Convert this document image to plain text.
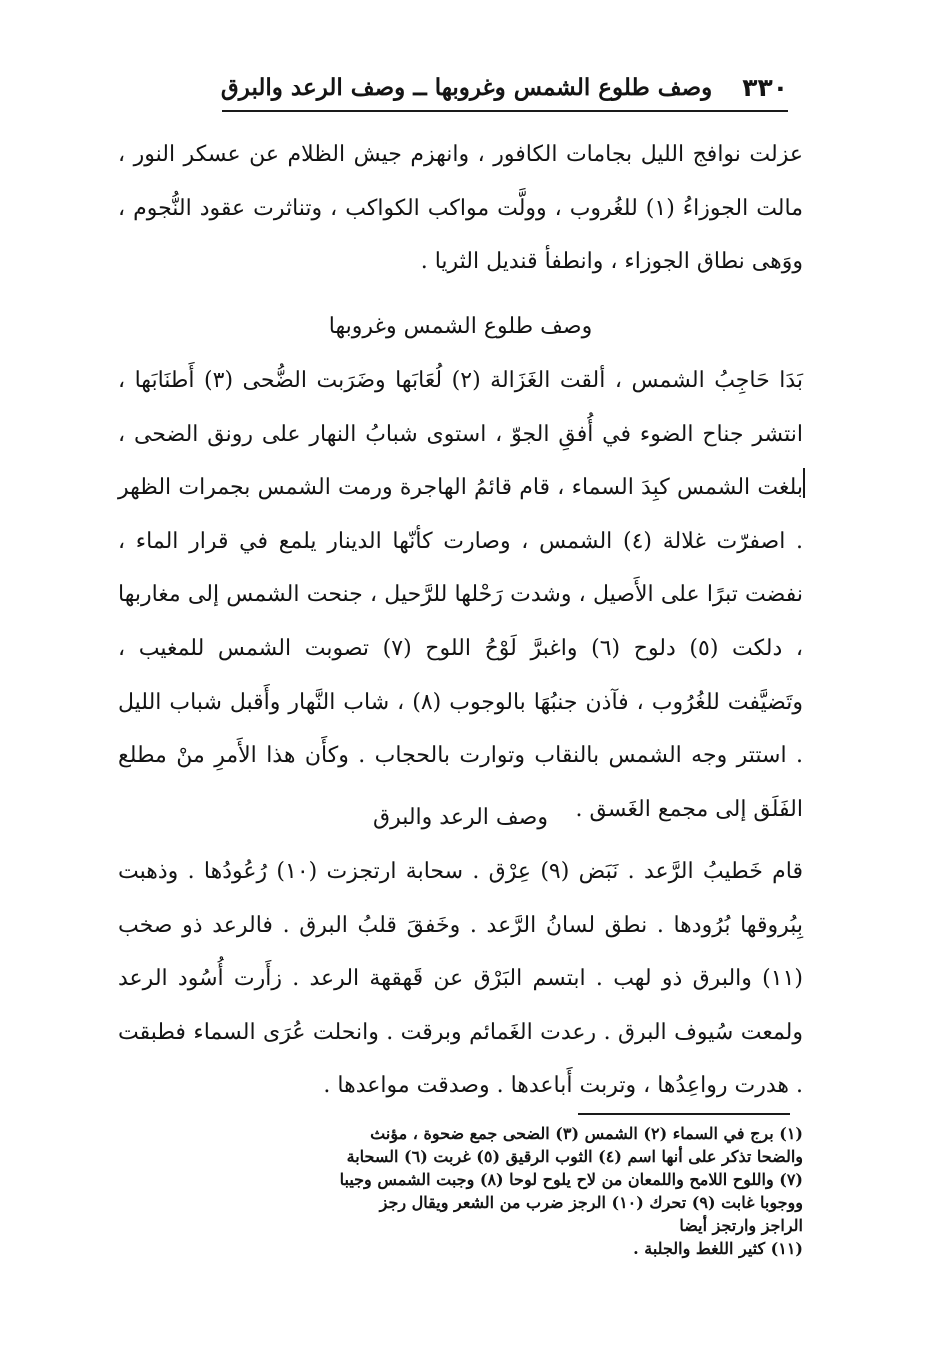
٣٣٠
وصف طلوع الشمس وغروبها ــ وصف الرعد والبرق

عزلت نوافج الليل بجامات الكافور ، وانهزم جيش الظلام عن عسكر النور ، مالت الجوزاءُ (١) للغُروب ، وولَّت مواكب الكواكب ، وتناثرت عقود النُّجوم ، ووَهى نطاق الجوزاء ، وانطفأ قنديل الثريا .

وصف طلوع الشمس وغروبها

بَدَا حَاجِبُ الشمس ، ألقت الغَزَالة (٢) لُعَابَها وضَرَبت الضُّحى (٣) أَطنَابَها ، انتشر جناح الضوء في أُفقِ الجوّ ، استوى شبابُ النهار على رونق الضحى ، بلغت الشمس كبِدَ السماء ، قام قائمُ الهاجرة ورمت الشمس بجمرات الظهر . اصفرّت غلالة (٤) الشمس ، وصارت كأنّها الدينار يلمع في قرار الماء ، نفضت تبرًا على الأَصيل ، وشدت رَحْلها للرَّحيل ، جنحت الشمس إلى مغاربها ، دلكت (٥) دلوح (٦) واغبرَّ لَوْحُ اللوح (٧) تصوبت الشمس للمغيب ، وتَضيَّفت للغُرُوب ، فآذن جنبُهَا بالوجوب (٨) ، شاب النَّهار وأَقبل شباب الليل . استتر وجه الشمس بالنقاب وتوارت بالحجاب . وكأَن هذا الأَمرِ منْ مطلع الفَلَق إلى مجمع الغَسق .

وصف الرعد والبرق

قام خَطيبُ الرَّعد . نَبَض (٩) عِرْق . سحابة ارتجزت (١٠) رُعُودُها . وذهبت بِبُروقها بُرُودها . نطق لسانُ الرَّعد . وخَفقَ قلبُ البرق . فالرعد ذو صخب (١١) والبرق ذو لهب . ابتسم البَرْق عن قَهقهة الرعد . زأَرت أُسُود الرعد ولمعت سُيوف البرق . رعدت الغَمائم وبرقت . وانحلت عُرَى السماء فطبقت . هدرت رواعِدُها ، وتربت أَباعدها . وصدقت مواعدها .

(١) برج في السماء (٢) الشمس (٣) الضحى جمع ضحوة ، مؤنث
والضحا تذكر على أنها اسم (٤) الثوب الرقيق (٥) غربت (٦) السحابة
(٧) واللوح اللامح واللمعان من لاح يلوح لوحا (٨) وجبت الشمس وجيبا
ووجوبا غابت (٩) تحرك (١٠) الرجز ضرب من الشعر ويقال رجز
الراجز وارتجز أيضا
(١١) كثير اللغط والجلبة .
